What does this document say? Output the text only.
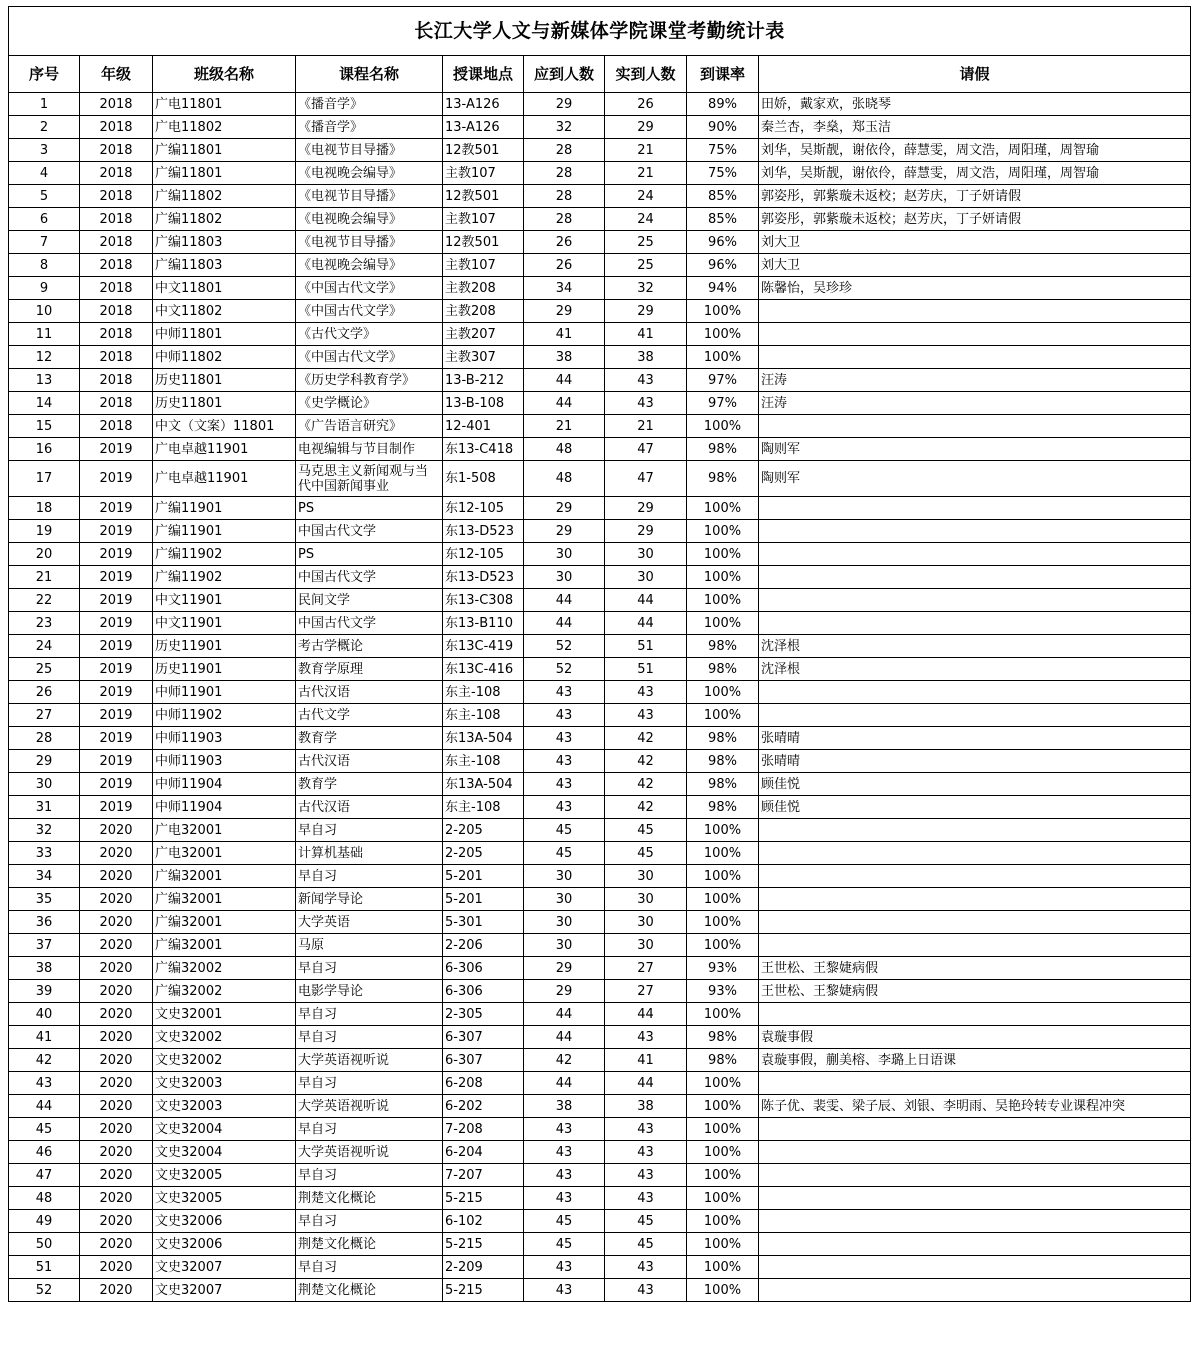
长江大学人文与新媒体学院课堂考勤统计表								
序号	年级	班级名称	课程名称	授课地点	应到人数	实到人数	到课率	请假
1	2018	广电11801	《播音学》	13-A126	29	26	89%	田娇，戴家欢，张晓琴
2	2018	广电11802	《播音学》	13-A126	32	29	90%	秦兰杏，李燊，郑玉洁
3	2018	广编11801	《电视节目导播》	12教501	28	21	75%	刘华，吴斯靓，谢依伶，薛慧雯，周文浩，周阳瑾，周智瑜
4	2018	广编11801	《电视晚会编导》	主教107	28	21	75%	刘华，吴斯靓，谢依伶，薛慧雯，周文浩，周阳瑾，周智瑜
5	2018	广编11802	《电视节目导播》	12教501	28	24	85%	郭姿彤，郭紫璇未返校；赵芳庆，丁子妍请假
6	2018	广编11802	《电视晚会编导》	主教107	28	24	85%	郭姿彤，郭紫璇未返校；赵芳庆，丁子妍请假
7	2018	广编11803	《电视节目导播》	12教501	26	25	96%	刘大卫
8	2018	广编11803	《电视晚会编导》	主教107	26	25	96%	刘大卫
9	2018	中文11801	《中国古代文学》	主教208	34	32	94%	陈馨怡，吴珍珍
10	2018	中文11802	《中国古代文学》	主教208	29	29	100%	
11	2018	中师11801	《古代文学》	主教207	41	41	100%	
12	2018	中师11802	《中国古代文学》	主教307	38	38	100%	
13	2018	历史11801	《历史学科教育学》	13-B-212	44	43	97%	汪涛
14	2018	历史11801	《史学概论》	13-B-108	44	43	97%	汪涛
15	2018	中文（文案）11801	《广告语言研究》	12-401	21	21	100%	
16	2019	广电卓越11901	电视编辑与节目制作	东13-C418	48	47	98%	陶则军
17	2019	广电卓越11901	马克思主义新闻观与当代中国新闻事业	东1-508	48	47	98%	陶则军
18	2019	广编11901	PS	东12-105	29	29	100%	
19	2019	广编11901	中国古代文学	东13-D523	29	29	100%	
20	2019	广编11902	PS	东12-105	30	30	100%	
21	2019	广编11902	中国古代文学	东13-D523	30	30	100%	
22	2019	中文11901	民间文学	东13-C308	44	44	100%	
23	2019	中文11901	中国古代文学	东13-B110	44	44	100%	
24	2019	历史11901	考古学概论	东13C-419	52	51	98%	沈泽根
25	2019	历史11901	教育学原理	东13C-416	52	51	98%	沈泽根
26	2019	中师11901	古代汉语	东主-108	43	43	100%	
27	2019	中师11902	古代文学	东主-108	43	43	100%	
28	2019	中师11903	教育学	东13A-504	43	42	98%	张晴晴
29	2019	中师11903	古代汉语	东主-108	43	42	98%	张晴晴
30	2019	中师11904	教育学	东13A-504	43	42	98%	顾佳悦
31	2019	中师11904	古代汉语	东主-108	43	42	98%	顾佳悦
32	2020	广电32001	早自习	2-205	45	45	100%	
33	2020	广电32001	计算机基础	2-205	45	45	100%	
34	2020	广编32001	早自习	5-201	30	30	100%	
35	2020	广编32001	新闻学导论	5-201	30	30	100%	
36	2020	广编32001	大学英语	5-301	30	30	100%	
37	2020	广编32001	马原	2-206	30	30	100%	
38	2020	广编32002	早自习	6-306	29	27	93%	王世松、王黎婕病假
39	2020	广编32002	电影学导论	6-306	29	27	93%	王世松、王黎婕病假
40	2020	文史32001	早自习	2-305	44	44	100%	
41	2020	文史32002	早自习	6-307	44	43	98%	袁璇事假
42	2020	文史32002	大学英语视听说	6-307	42	41	98%	袁璇事假，蒯美榕、李璐上日语课
43	2020	文史32003	早自习	6-208	44	44	100%	
44	2020	文史32003	大学英语视听说	6-202	38	38	100%	陈子优、裴雯、梁子辰、刘银、李明雨、吴艳玲转专业课程冲突
45	2020	文史32004	早自习	7-208	43	43	100%	
46	2020	文史32004	大学英语视听说	6-204	43	43	100%	
47	2020	文史32005	早自习	7-207	43	43	100%	
48	2020	文史32005	荆楚文化概论	5-215	43	43	100%	
49	2020	文史32006	早自习	6-102	45	45	100%	
50	2020	文史32006	荆楚文化概论	5-215	45	45	100%	
51	2020	文史32007	早自习	2-209	43	43	100%	
52	2020	文史32007	荆楚文化概论	5-215	43	43	100%	
